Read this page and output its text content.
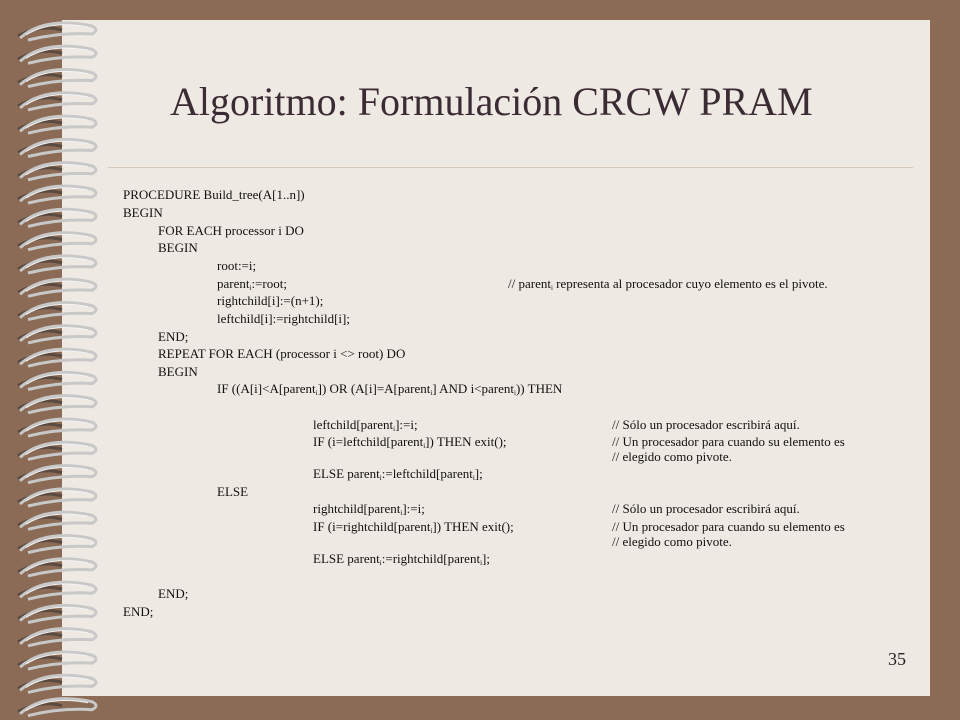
Algoritmo: Formulación CRCW PRAM
PROCEDURE Build_tree(A[1..n])
BEGIN
FOR EACH processor i DO
BEGIN
root:=i;
parent$_i$:=root;	// parent$_i$ representa al procesador cuyo elemento es el pivote.
rightchild[i]:=(n+1);
leftchild[i]:=rightchild[i];
END;
REPEAT FOR EACH (processor i <> root) DO
BEGIN
IF ((A[i]<A[parent$_i$]) OR (A[i]=A[parent$_i$] AND i<parent$_i$)) THEN
leftchild[parent$_i$]:=i;	// Sólo un procesador escribirá aquí.
IF (i=leftchild[parent$_i$]) THEN exit();	// Un procesador para cuando su elemento es
// elegido como pivote.
ELSE parent$_i$:=leftchild[parent$_i$];
ELSE
rightchild[parent$_i$]:=i;	// Sólo un procesador escribirá aquí.
IF (i=rightchild[parent$_i$]) THEN exit();	// Un procesador para cuando su elemento es
// elegido como pivote.
ELSE parent$_i$:=rightchild[parent$_i$];
END;
END;
35
